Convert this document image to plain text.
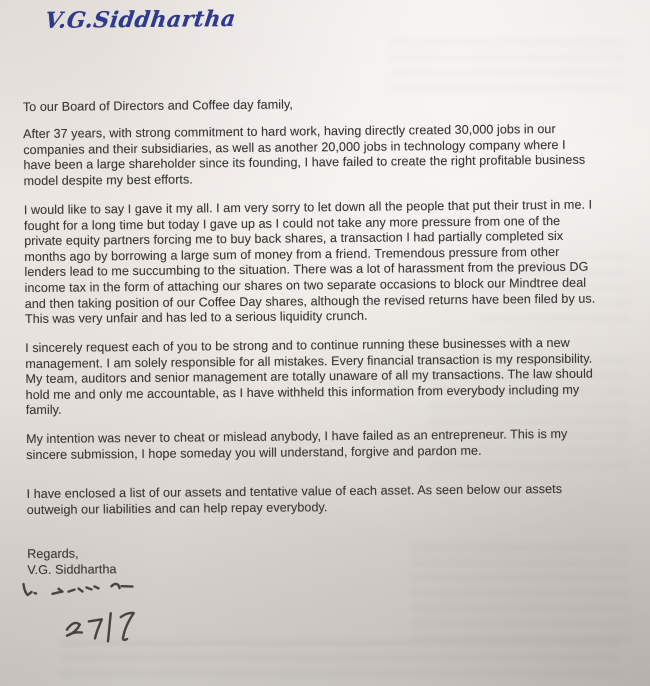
V.G.Siddhartha
To our Board of Directors and Coffee day family,
After 37 years, with strong commitment to hard work, having directly created 30,000 jobs in our
companies and their subsidiaries, as well as another 20,000 jobs in technology company where I
have been a large shareholder since its founding, I have failed to create the right profitable business
model despite my best efforts.
I would like to say I gave it my all. I am very sorry to let down all the people that put their trust in me. I
fought for a long time but today I gave up as I could not take any more pressure from one of the
private equity partners forcing me to buy back shares, a transaction I had partially completed six
months ago by borrowing a large sum of money from a friend. Tremendous pressure from other
lenders lead to me succumbing to the situation. There was a lot of harassment from the previous DG
income tax in the form of attaching our shares on two separate occasions to block our Mindtree deal
and then taking position of our Coffee Day shares, although the revised returns have been filed by us.
This was very unfair and has led to a serious liquidity crunch.
I sincerely request each of you to be strong and to continue running these businesses with a new
management. I am solely responsible for all mistakes. Every financial transaction is my responsibility.
My team, auditors and senior management are totally unaware of all my transactions. The law should
hold me and only me accountable, as I have withheld this information from everybody including my
family.
My intention was never to cheat or mislead anybody, I have failed as an entrepreneur. This is my
sincere submission, I hope someday you will understand, forgive and pardon me.
I have enclosed a list of our assets and tentative value of each asset. As seen below our assets
outweigh our liabilities and can help repay everybody.
Regards,
V.G. Siddhartha
